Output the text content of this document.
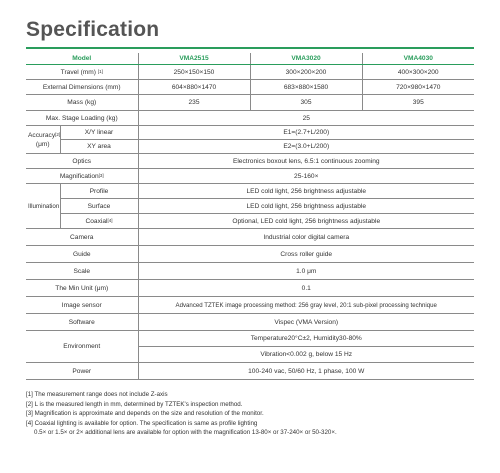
Specification
Model		VMA2515	VMA3020	VMA4030
Travel (mm) [1]		250×150×150	300×200×200	400×300×200
External Dimensions (mm)		604×880×1470	683×880×1580	720×980×1470
Mass (kg)		235	305	395
Max. Stage Loading (kg)		25		
Accuracy[2]
(μm)	X/Y linear	E1=(2.7+L/200)		
	XY area	E2=(3.0+L/200)		
Optics		Electronics boxout lens, 6.5:1 continuous zooming		
Magnification[3]		25-160×		
Illumination	Profile	LED cold light, 256 brightness adjustable		
	Surface	LED cold light, 256 brightness adjustable		
	Coaxial[4]	Optional, LED cold light, 256 brightness adjustable		
Camera		Industrial color digital camera		
Guide		Cross roller guide		
Scale		1.0 μm		
The Min Unit (μm)		0.1		
Image sensor		Advanced TZTEK image processing method: 256 gray level, 20:1 sub-pixel processing technique		
Software		Vispec (VMA Version)		
Environment		Temperature20°C±2, Humidity30-80%		
		Vibration<0.002 g, below 15 Hz		
Power		100-240 vac, 50/60 Hz, 1 phase, 100 W		
[1] The measurement range does not include Z-axis
[2] L is the measured length in mm, determined by TZTEK's inspection method.
[3] Magnification is approximate and depends on the size and resolution of the monitor.
[4] Coaxial lighting is available for option. The specification is same as profile lighting
0.5× or 1.5× or 2× additional lens are available for option with the magnification 13-80× or 37-240× or 50-320×.
